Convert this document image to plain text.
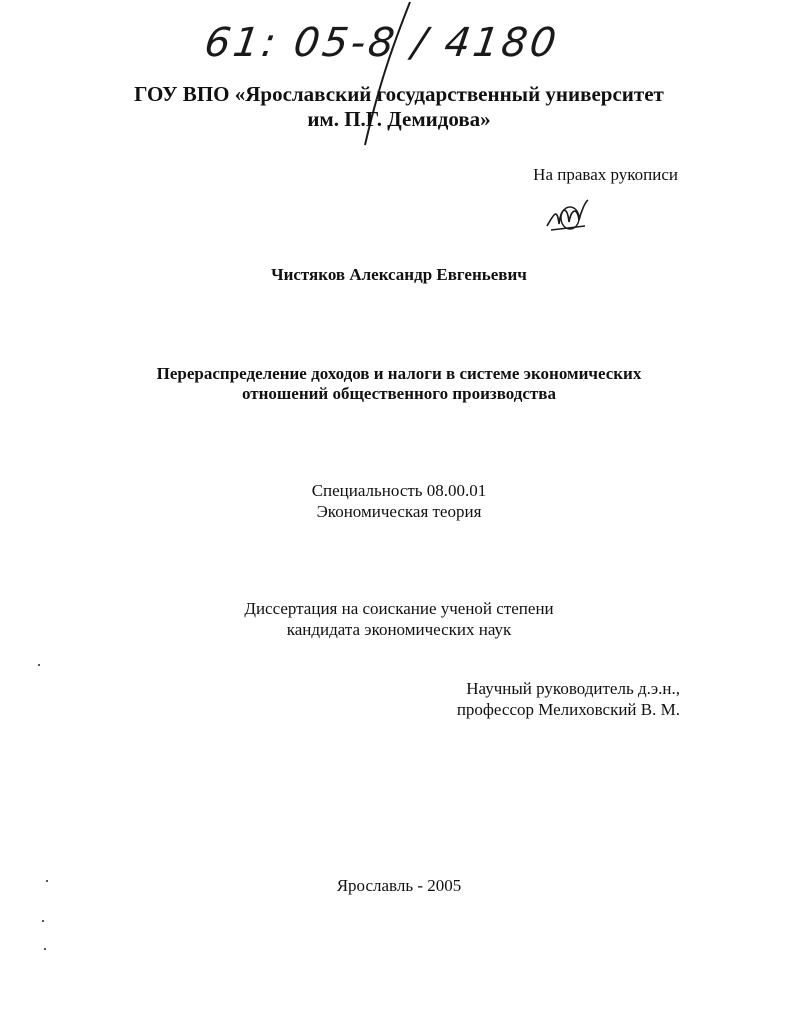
61: 05-8 / 4180
ГОУ ВПО «Ярославский государственный университет
им. П.Г. Демидова»
На правах рукописи
Чистяков Александр Евгеньевич
Перераспределение доходов и налоги в системе экономических
отношений общественного производства
Специальность 08.00.01
Экономическая теория
Диссертация на соискание ученой степени
кандидата экономических наук
Научный руководитель д.э.н.,
профессор Мелиховский В. М.
Ярославль - 2005
